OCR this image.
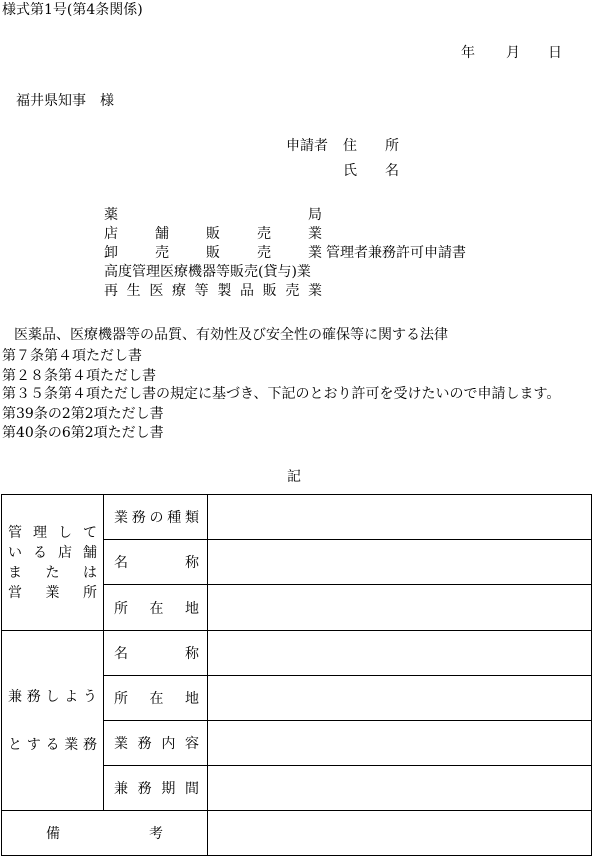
様式第1号(第4条関係)
年 月 日
福井県知事　様
申請者 住 所
氏 名
薬局
店舗販売業
卸売販売業
高度管理医療機器等販売(貸与)業
再生医療等製品販売業
管理者兼務許可申請書
医薬品、医療機器等の品質、有効性及び安全性の確保等に関する法律
第７条第４項ただし書
第２８条第４項ただし書
第３５条第４項ただし書の規定に基づき、下記のとおり許可を受けたいので申請します。
第39条の2第2項ただし書
第40条の6第2項ただし書
記
管理して
いる店舗
または
営業所	業務の種類	
	名称	
	所在地	

兼務しよう
とする業務	名称	
	所在地	
	業務内容	
	兼務期間	
備考		
